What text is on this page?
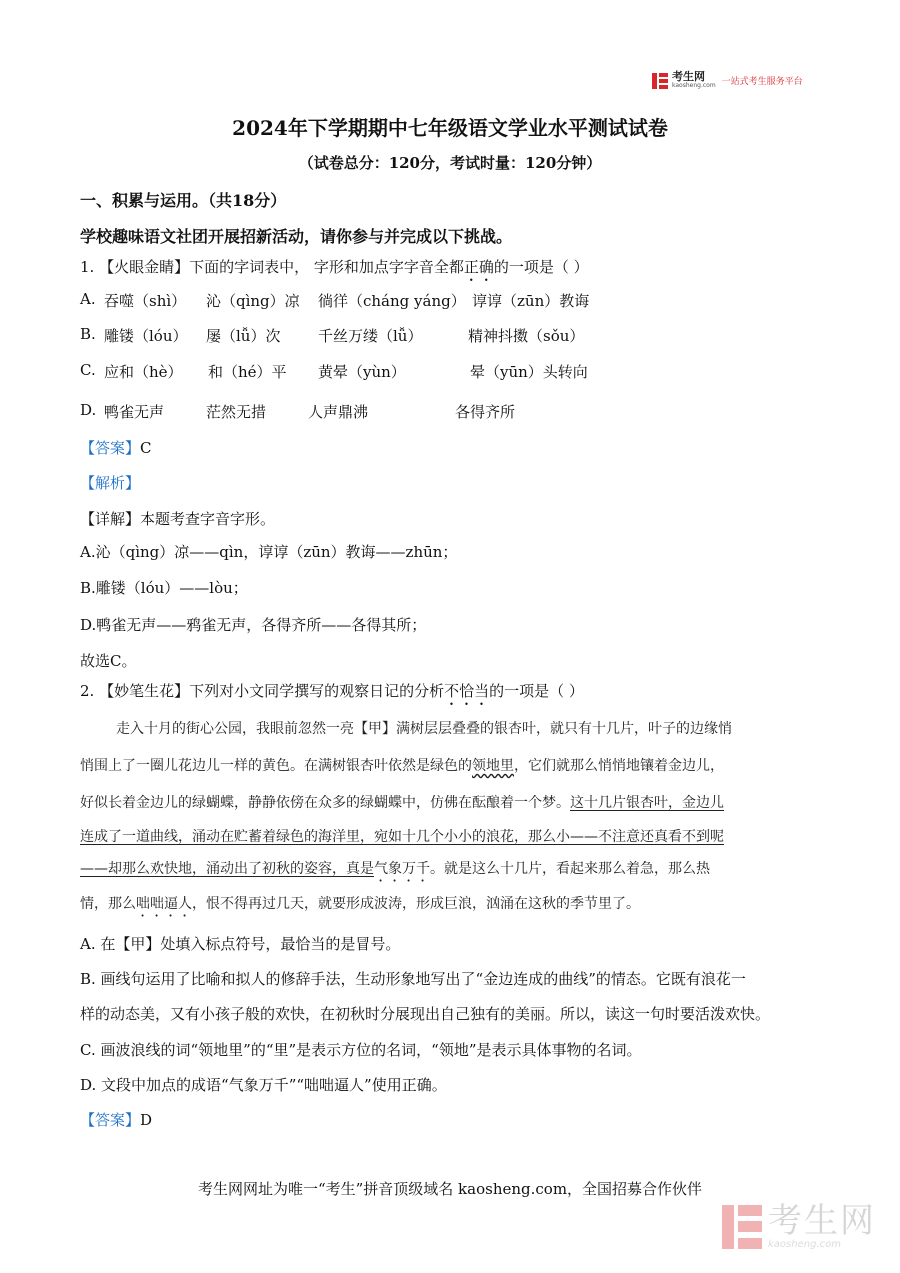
考生网
kaosheng.com 一站式考生服务平台
2024年下学期期中七年级语文学业水平测试试卷
（试卷总分：120分，考试时量：120分钟）
一、积累与运用。（共18分）
学校趣味语文社团开展招新活动，请你参与并完成以下挑战。
1. 【火眼金睛】下面的字词表中， 字形和加点字字音全都正确的一项是（ ）
A. 吞噬（shì） 沁（qìng）凉 徜徉（cháng yáng） 谆谆（zūn）教诲
B. 雕镂（lóu） 屡（lǚ）次	千丝万缕（lǚ）	精神抖擞（sǒu）
C. 应和（hè） 和（hé）平 黄晕（yùn）	晕（yūn）头转向
D. 鸭雀无声	茫然无措	人声鼎沸	各得齐所
【答案】C
【解析】
【详解】本题考查字音字形。
A.沁（qìng）凉——qìn，谆谆（zūn）教诲——zhūn；
B.雕镂（lóu）——lòu；
D.鸭雀无声——鸦雀无声，各得齐所——各得其所；
故选C。
2. 【妙笔生花】下列对小文同学撰写的观察日记的分析不恰当的一项是（ ）
走入十月的街心公园，我眼前忽然一亮【甲】满树层层叠叠的银杏叶，就只有十几片，叶子的边缘悄
悄围上了一圈儿花边儿一样的黄色。在满树银杏叶依然是绿色的领地里，它们就那么悄悄地镶着金边儿，
好似长着金边儿的绿蝴蝶，静静依傍在众多的绿蝴蝶中，仿佛在酝酿着一个梦。这十几片银杏叶，金边儿
连成了一道曲线，涌动在贮蓄着绿色的海洋里，宛如十几个小小的浪花，那么小——不注意还真看不到呢
——却那么欢快地，涌动出了初秋的姿容，真是气象万千。就是这么十几片，看起来那么着急，那么热
情，那么咄咄逼人，恨不得再过几天，就要形成波涛，形成巨浪，汹涌在这秋的季节里了。
A. 在【甲】处填入标点符号，最恰当的是冒号。
B. 画线句运用了比喻和拟人的修辞手法，生动形象地写出了“金边连成的曲线”的情态。它既有浪花一
样的动态美，又有小孩子般的欢快，在初秋时分展现出自己独有的美丽。所以，读这一句时要活泼欢快。
C. 画波浪线的词“领地里”的“里”是表示方位的名词，“领地”是表示具体事物的名词。
D. 文段中加点的成语“气象万千”“咄咄逼人”使用正确。
【答案】D
考生网网址为唯一“考生”拼音顶级域名 kaosheng.com，全国招募合作伙伴
考生网
kaosheng.com
